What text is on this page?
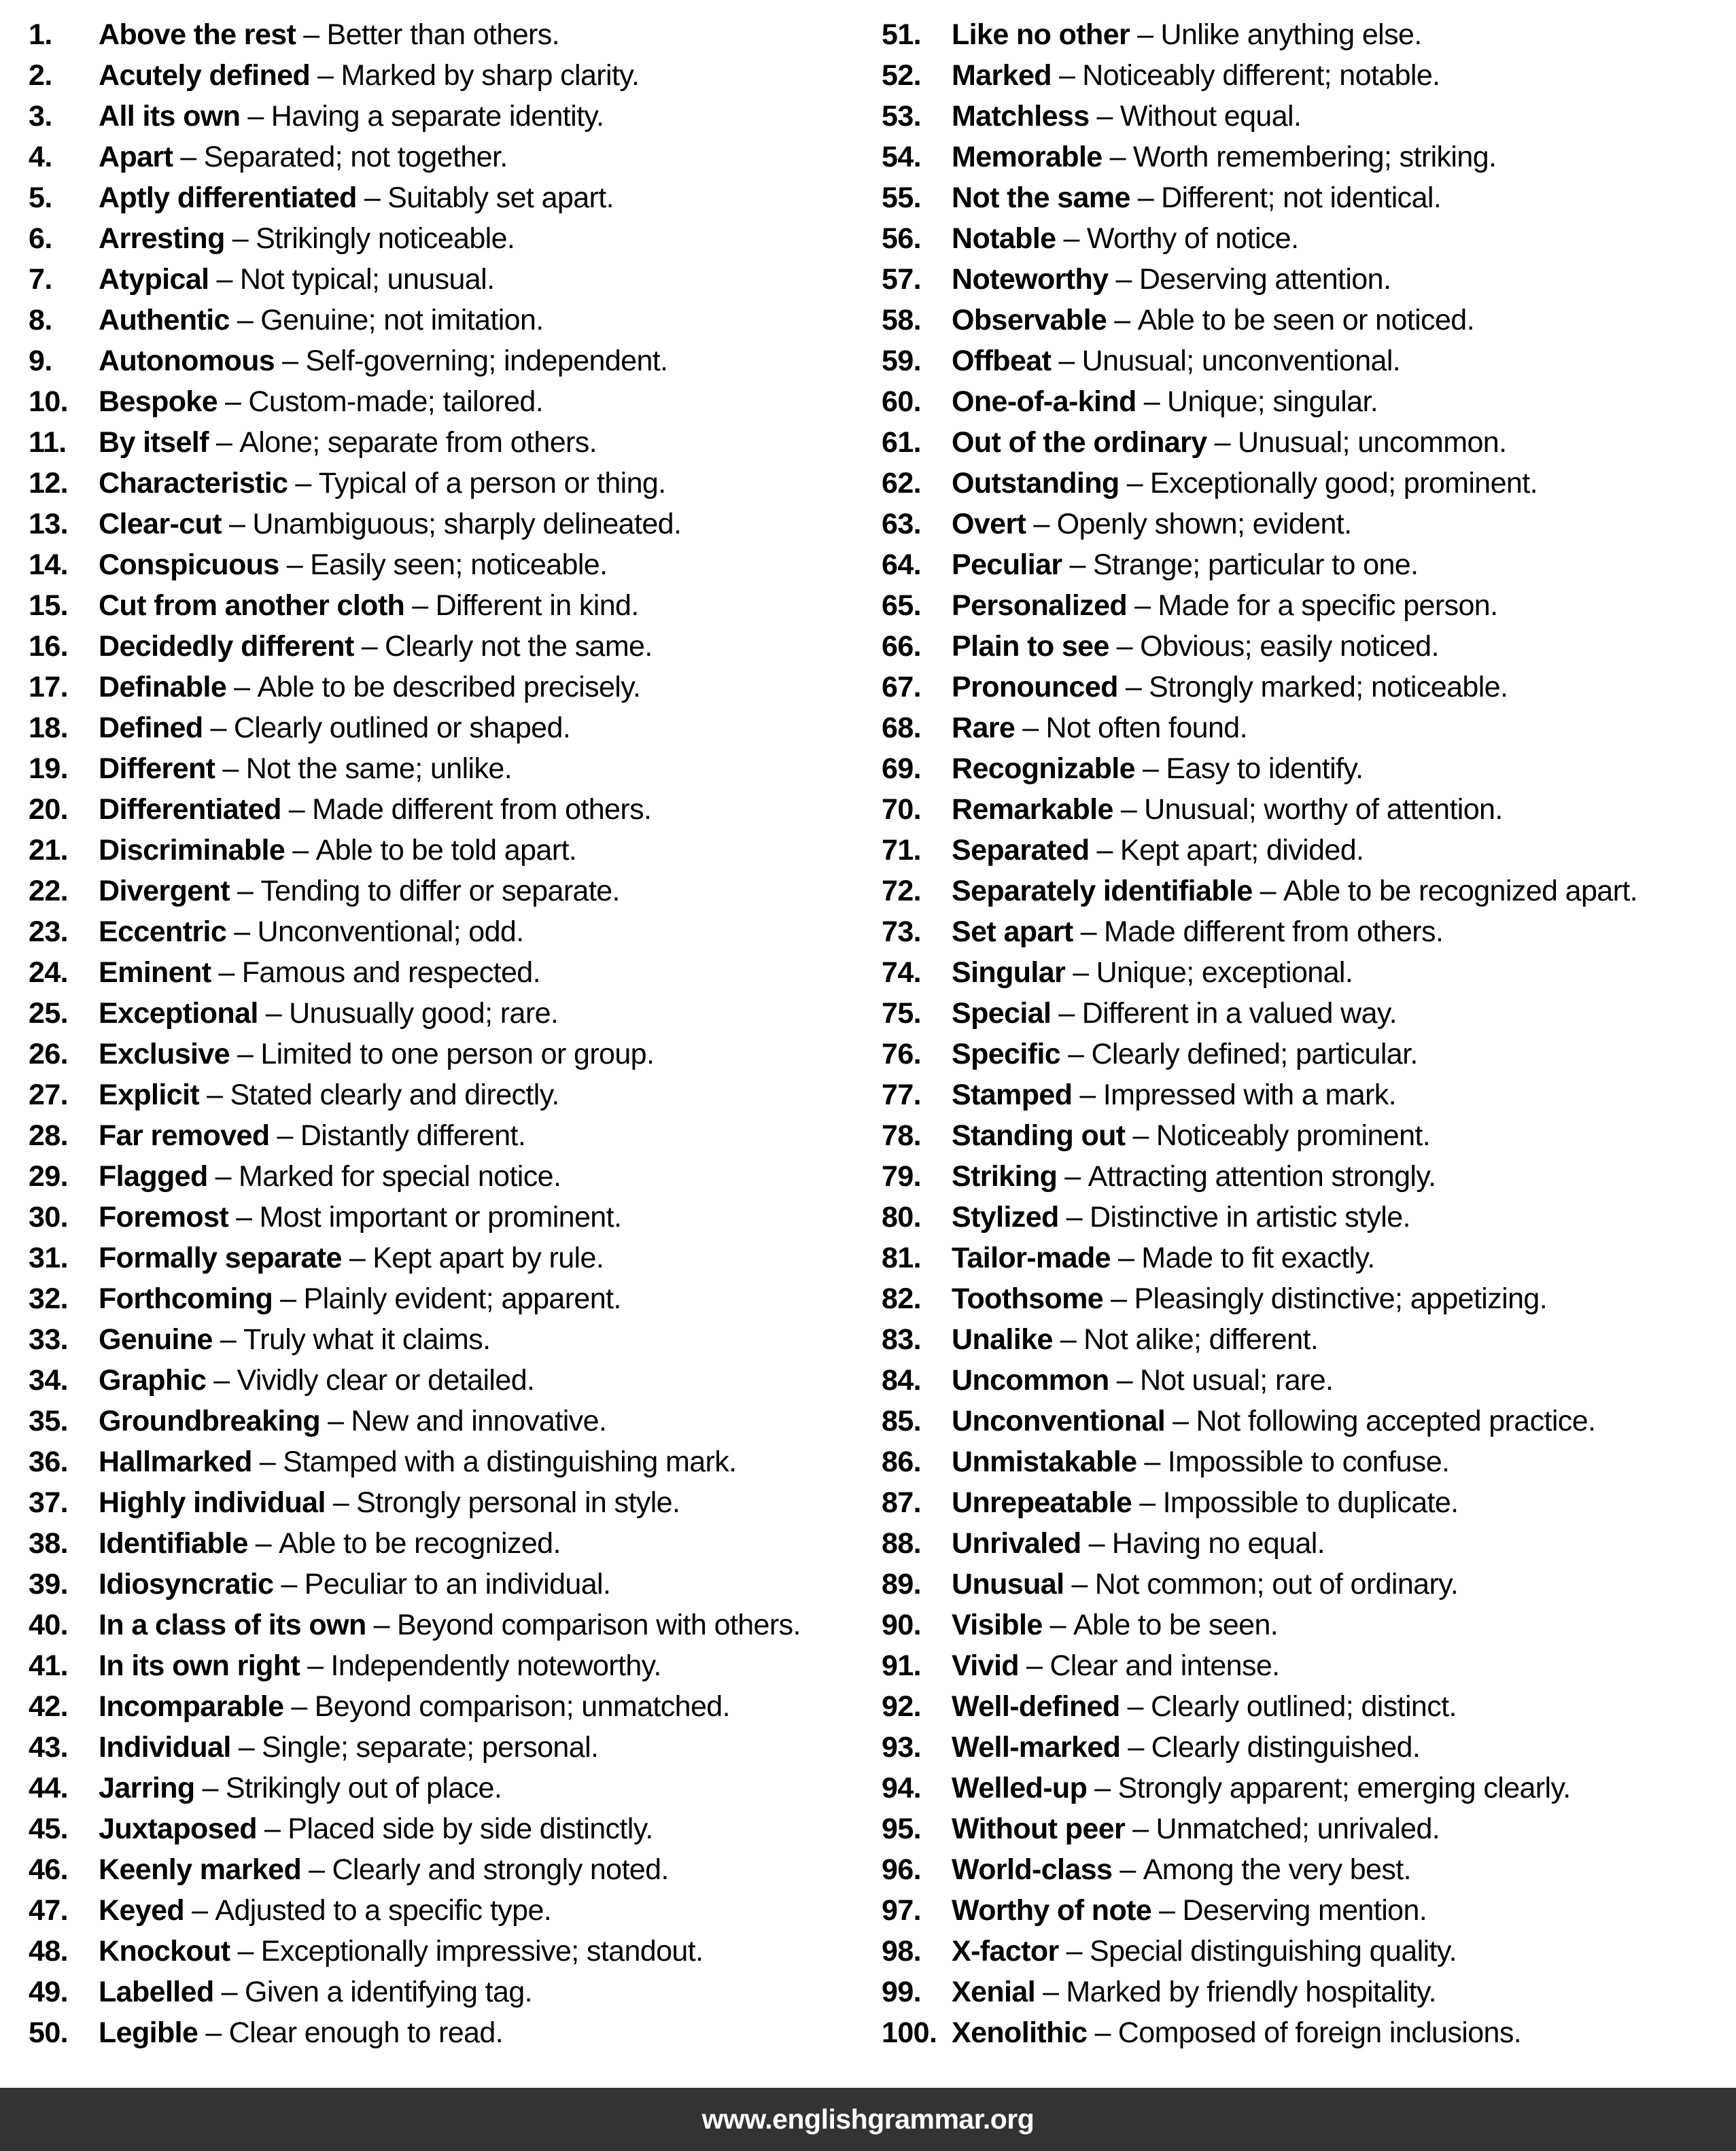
1. Above the rest – Better than others.
2. Acutely defined – Marked by sharp clarity.
3. All its own – Having a separate identity.
4. Apart – Separated; not together.
5. Aptly differentiated – Suitably set apart.
6. Arresting – Strikingly noticeable.
7. Atypical – Not typical; unusual.
8. Authentic – Genuine; not imitation.
9. Autonomous – Self-governing; independent.
10. Bespoke – Custom-made; tailored.
11. By itself – Alone; separate from others.
12. Characteristic – Typical of a person or thing.
13. Clear-cut – Unambiguous; sharply delineated.
14. Conspicuous – Easily seen; noticeable.
15. Cut from another cloth – Different in kind.
16. Decidedly different – Clearly not the same.
17. Definable – Able to be described precisely.
18. Defined – Clearly outlined or shaped.
19. Different – Not the same; unlike.
20. Differentiated – Made different from others.
21. Discriminable – Able to be told apart.
22. Divergent – Tending to differ or separate.
23. Eccentric – Unconventional; odd.
24. Eminent – Famous and respected.
25. Exceptional – Unusually good; rare.
26. Exclusive – Limited to one person or group.
27. Explicit – Stated clearly and directly.
28. Far removed – Distantly different.
29. Flagged – Marked for special notice.
30. Foremost – Most important or prominent.
31. Formally separate – Kept apart by rule.
32. Forthcoming – Plainly evident; apparent.
33. Genuine – Truly what it claims.
34. Graphic – Vividly clear or detailed.
35. Groundbreaking – New and innovative.
36. Hallmarked – Stamped with a distinguishing mark.
37. Highly individual – Strongly personal in style.
38. Identifiable – Able to be recognized.
39. Idiosyncratic – Peculiar to an individual.
40. In a class of its own – Beyond comparison with others.
41. In its own right – Independently noteworthy.
42. Incomparable – Beyond comparison; unmatched.
43. Individual – Single; separate; personal.
44. Jarring – Strikingly out of place.
45. Juxtaposed – Placed side by side distinctly.
46. Keenly marked – Clearly and strongly noted.
47. Keyed – Adjusted to a specific type.
48. Knockout – Exceptionally impressive; standout.
49. Labelled – Given a identifying tag.
50. Legible – Clear enough to read.
51. Like no other – Unlike anything else.
52. Marked – Noticeably different; notable.
53. Matchless – Without equal.
54. Memorable – Worth remembering; striking.
55. Not the same – Different; not identical.
56. Notable – Worthy of notice.
57. Noteworthy – Deserving attention.
58. Observable – Able to be seen or noticed.
59. Offbeat – Unusual; unconventional.
60. One-of-a-kind – Unique; singular.
61. Out of the ordinary – Unusual; uncommon.
62. Outstanding – Exceptionally good; prominent.
63. Overt – Openly shown; evident.
64. Peculiar – Strange; particular to one.
65. Personalized – Made for a specific person.
66. Plain to see – Obvious; easily noticed.
67. Pronounced – Strongly marked; noticeable.
68. Rare – Not often found.
69. Recognizable – Easy to identify.
70. Remarkable – Unusual; worthy of attention.
71. Separated – Kept apart; divided.
72. Separately identifiable – Able to be recognized apart.
73. Set apart – Made different from others.
74. Singular – Unique; exceptional.
75. Special – Different in a valued way.
76. Specific – Clearly defined; particular.
77. Stamped – Impressed with a mark.
78. Standing out – Noticeably prominent.
79. Striking – Attracting attention strongly.
80. Stylized – Distinctive in artistic style.
81. Tailor-made – Made to fit exactly.
82. Toothsome – Pleasingly distinctive; appetizing.
83. Unalike – Not alike; different.
84. Uncommon – Not usual; rare.
85. Unconventional – Not following accepted practice.
86. Unmistakable – Impossible to confuse.
87. Unrepeatable – Impossible to duplicate.
88. Unrivaled – Having no equal.
89. Unusual – Not common; out of ordinary.
90. Visible – Able to be seen.
91. Vivid – Clear and intense.
92. Well-defined – Clearly outlined; distinct.
93. Well-marked – Clearly distinguished.
94. Welled-up – Strongly apparent; emerging clearly.
95. Without peer – Unmatched; unrivaled.
96. World-class – Among the very best.
97. Worthy of note – Deserving mention.
98. X-factor – Special distinguishing quality.
99. Xenial – Marked by friendly hospitality.
100. Xenolithic – Composed of foreign inclusions.
www.englishgrammar.org
